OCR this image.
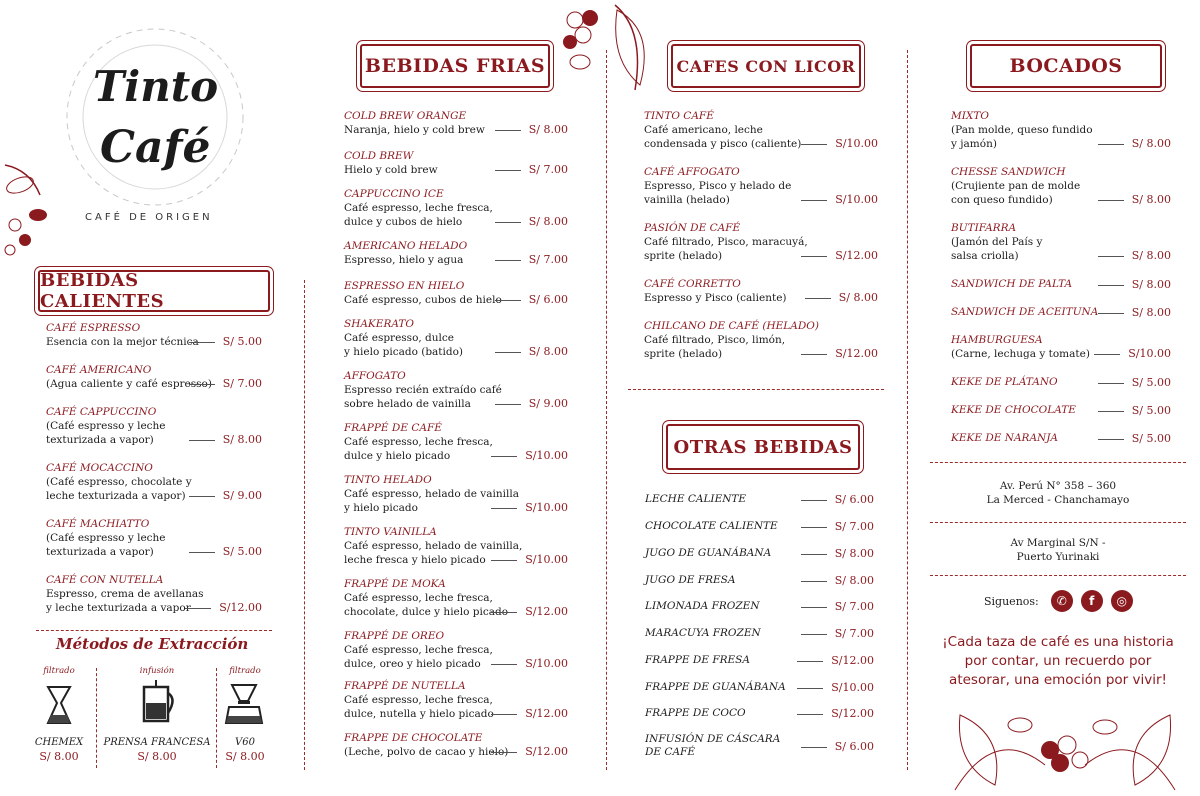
Tinto
Café
CAFÉ DE ORIGEN
BEBIDAS CALIENTES
BEBIDAS FRIAS	CAFES CON LICOR	BOCADOS
OTRAS BEBIDAS
CAFÉ ESPRESSO
Esencia con la mejor técnica	S/ 5.00
CAFÉ AMERICANO
(Agua caliente y café espresso) S/ 7.00
CAFÉ CAPPUCCINO
(Café espresso y leche
texturizada a vapor)	S/ 8.00
CAFÉ MOCACCINO
(Café espresso, chocolate y
leche texturizada a vapor)	S/ 9.00
CAFÉ MACHIATTO
(Café espresso y leche
texturizada a vapor)	S/ 5.00
CAFÉ CON NUTELLA
Espresso, crema de avellanas
y leche texturizada a vapor	S/12.00
COLD BREW ORANGE
Naranja, hielo y cold brew	S/ 8.00
COLD BREW
Hielo y cold brew	S/ 7.00
CAPPUCCINO ICE
Café espresso, leche fresca,
dulce y cubos de hielo	S/ 8.00
AMERICANO HELADO
Espresso, hielo y agua	S/ 7.00
ESPRESSO EN HIELO
Café espresso, cubos de hielo	S/ 6.00
SHAKERATO
Café espresso, dulce
y hielo picado (batido)	S/ 8.00
AFFOGATO
Espresso recién extraído café
sobre helado de vainilla	S/ 9.00
FRAPPÉ DE CAFÉ
Café espresso, leche fresca,
dulce y hielo picado	S/10.00
TINTO HELADO
Café espresso, helado de vainilla
y hielo picado	S/10.00
TINTO VAINILLA
Café espresso, helado de vainilla,
leche fresca y hielo picado	S/10.00
FRAPPÉ DE MOKA
Café espresso, leche fresca,
chocolate, dulce y hielo picado	S/12.00
FRAPPÉ DE OREO
Café espresso, leche fresca,
dulce, oreo y hielo picado	S/10.00
FRAPPÉ DE NUTELLA
Café espresso, leche fresca,
dulce, nutella y hielo picado	S/12.00
FRAPPE DE CHOCOLATE
(Leche, polvo de cacao y hielo)	S/12.00
TINTO CAFÉ
Café americano, leche
condensada y pisco (caliente)	S/10.00
CAFÉ AFFOGATO
Espresso, Pisco y helado de
vainilla (helado)	S/10.00
PASIÓN DE CAFÉ
Café filtrado, Pisco, maracuyá,
sprite (helado)	S/12.00
CAFÉ CORRETTO
Espresso y Pisco (caliente)	S/ 8.00
CHILCANO DE CAFÉ (HELADO)
Café filtrado, Pisco, limón,
sprite (helado)	S/12.00
LECHE CALIENTE	S/ 6.00
CHOCOLATE CALIENTE	S/ 7.00
JUGO DE GUANÁBANA	S/ 8.00
JUGO DE FRESA	S/ 8.00
LIMONADA FROZEN	S/ 7.00
MARACUYA FROZEN	S/ 7.00
FRAPPE DE FRESA	S/12.00
FRAPPE DE GUANÁBANA	S/10.00
FRAPPE DE COCO	S/12.00
INFUSIÓN DE CÁSCARA
DE CAFÉ	S/ 6.00
MIXTO
(Pan molde, queso fundido
y jamón)	S/ 8.00
CHESSE SANDWICH
(Crujiente pan de molde
con queso fundido)	S/ 8.00
BUTIFARRA
(Jamón del País y
salsa criolla)	S/ 8.00
SANDWICH DE PALTA	S/ 8.00
SANDWICH DE ACEITUNA	S/ 8.00
HAMBURGUESA
(Carne, lechuga y tomate)	S/10.00
KEKE DE PLÁTANO	S/ 5.00
KEKE DE CHOCOLATE	S/ 5.00
KEKE DE NARANJA	S/ 5.00
Métodos de Extracción
filtrado
CHEMEX
S/ 8.00
infusión
PRENSA FRANCESA
S/ 8.00
filtrado
V60
S/ 8.00
Av. Perú N° 358 – 360
La Merced - Chanchamayo
Av Marginal S/N -
Puerto Yurinaki
Siguenos:	✆	f	◎
¡Cada taza de café es una historia
por contar, un recuerdo por
atesorar, una emoción por vivir!
